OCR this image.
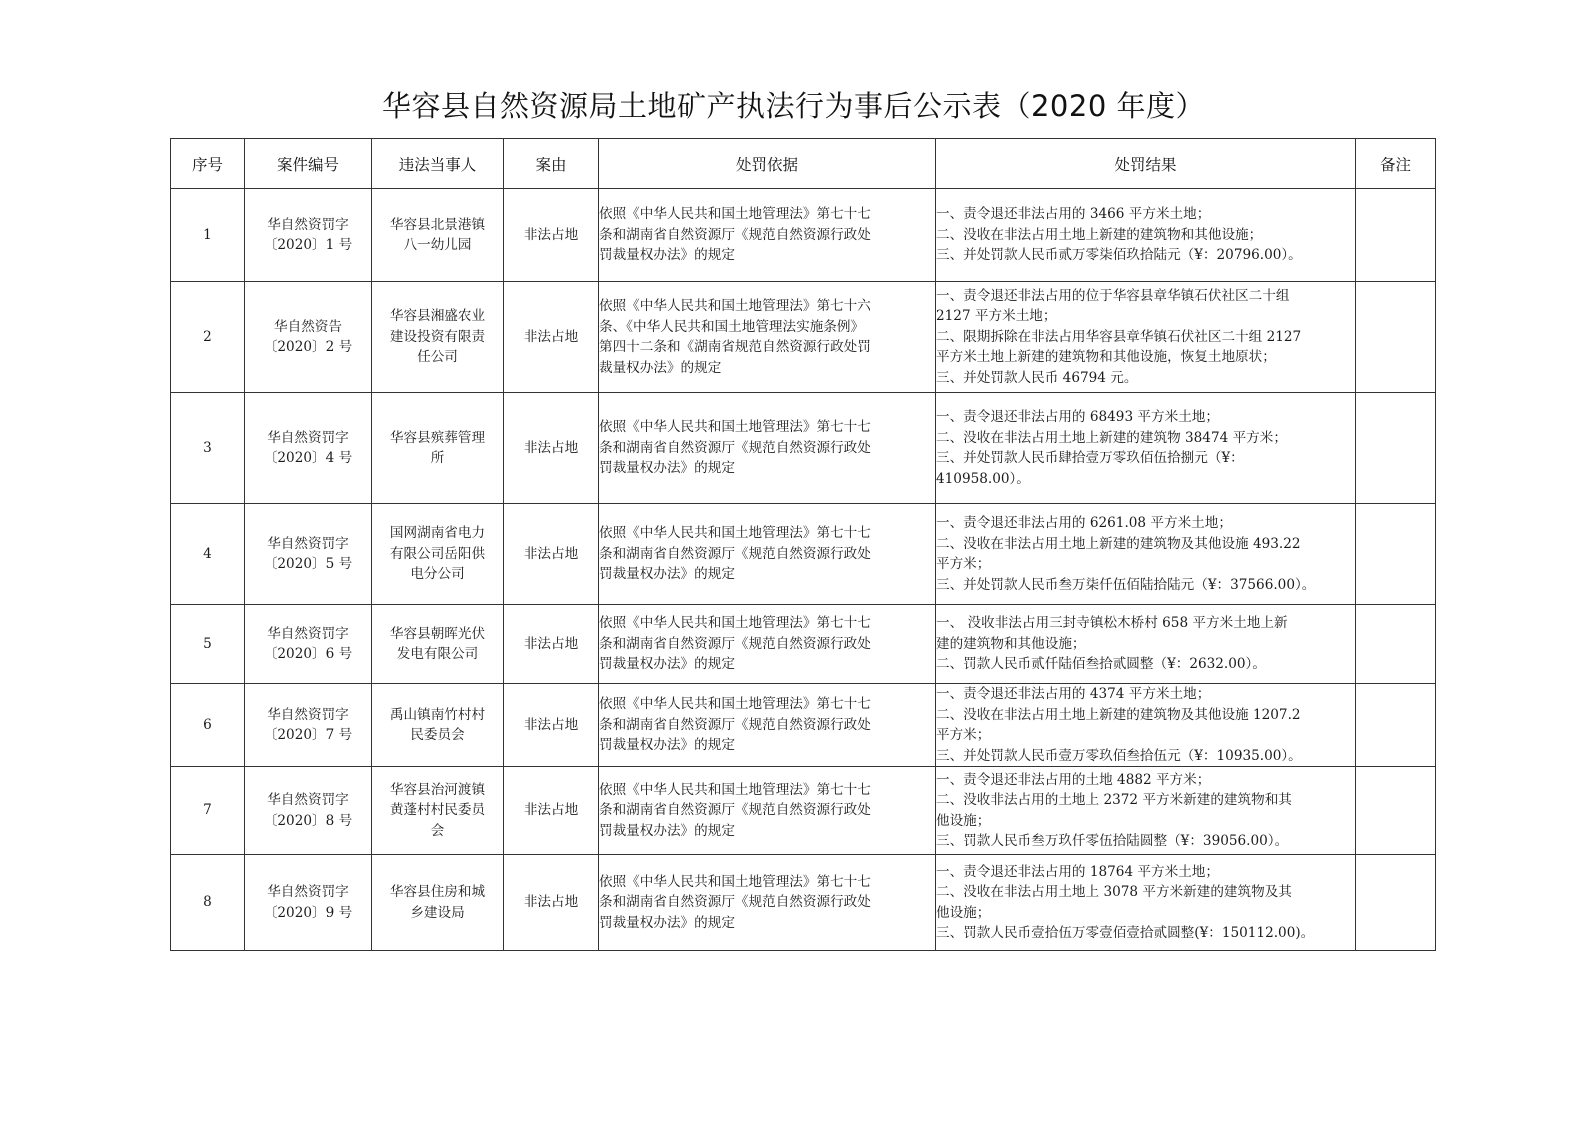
华容县自然资源局土地矿产执法行为事后公示表（2020 年度）
序号	案件编号	违法当事人	案由	处罚依据	处罚结果	备注
1	华自然资罚字
〔2020〕1 号	华容县北景港镇
八一幼儿园	非法占地	依照《中华人民共和国土地管理法》第七十七
条和湖南省自然资源厅《规范自然资源行政处
罚裁量权办法》的规定	一、责令退还非法占用的 3466 平方米土地；
二、没收在非法占用土地上新建的建筑物和其他设施；
三、并处罚款人民币贰万零柒佰玖拾陆元（¥：20796.00）。	

2	华自然资告
〔2020〕2 号	华容县湘盛农业
建设投资有限责
任公司	非法占地	依照《中华人民共和国土地管理法》第七十六
条、《中华人民共和国土地管理法实施条例》
第四十二条和《湖南省规范自然资源行政处罚
裁量权办法》的规定	一、责令退还非法占用的位于华容县章华镇石伏社区二十组
2127 平方米土地；
二、限期拆除在非法占用华容县章华镇石伏社区二十组 2127
平方米土地上新建的建筑物和其他设施，恢复土地原状；
三、并处罚款人民币 46794 元。	

3	华自然资罚字
〔2020〕4 号	华容县殡葬管理
所	非法占地	依照《中华人民共和国土地管理法》第七十七
条和湖南省自然资源厅《规范自然资源行政处
罚裁量权办法》的规定	一、责令退还非法占用的 68493 平方米土地；
二、没收在非法占用土地上新建的建筑物 38474 平方米；
三、并处罚款人民币肆拾壹万零玖佰伍拾捌元（¥：
410958.00）。	

4	华自然资罚字
〔2020〕5 号	国网湖南省电力
有限公司岳阳供
电分公司	非法占地	依照《中华人民共和国土地管理法》第七十七
条和湖南省自然资源厅《规范自然资源行政处
罚裁量权办法》的规定	一、责令退还非法占用的 6261.08 平方米土地；
二、没收在非法占用土地上新建的建筑物及其他设施 493.22
平方米；
三、并处罚款人民币叁万柒仟伍佰陆拾陆元（¥：37566.00）。	

5	华自然资罚字
〔2020〕6 号	华容县朝晖光伏
发电有限公司	非法占地	依照《中华人民共和国土地管理法》第七十七
条和湖南省自然资源厅《规范自然资源行政处
罚裁量权办法》的规定	一、 没收非法占用三封寺镇松木桥村 658 平方米土地上新
建的建筑物和其他设施；
二、罚款人民币贰仟陆佰叁拾贰圆整（¥：2632.00）。	

6	华自然资罚字
〔2020〕7 号	禹山镇南竹村村
民委员会	非法占地	依照《中华人民共和国土地管理法》第七十七
条和湖南省自然资源厅《规范自然资源行政处
罚裁量权办法》的规定	一、责令退还非法占用的 4374 平方米土地；
二、没收在非法占用土地上新建的建筑物及其他设施 1207.2
平方米；
三、并处罚款人民币壹万零玖佰叁拾伍元（¥：10935.00）。	

7	华自然资罚字
〔2020〕8 号	华容县治河渡镇
黄蓬村村民委员
会	非法占地	依照《中华人民共和国土地管理法》第七十七
条和湖南省自然资源厅《规范自然资源行政处
罚裁量权办法》的规定	一、责令退还非法占用的土地 4882 平方米；
二、没收非法占用的土地上 2372 平方米新建的建筑物和其
他设施；
三、罚款人民币叁万玖仟零伍拾陆圆整（¥：39056.00）。	

8	华自然资罚字
〔2020〕9 号	华容县住房和城
乡建设局	非法占地	依照《中华人民共和国土地管理法》第七十七
条和湖南省自然资源厅《规范自然资源行政处
罚裁量权办法》的规定	一、责令退还非法占用的 18764 平方米土地；
二、没收在非法占用土地上 3078 平方米新建的建筑物及其
他设施；
三、罚款人民币壹拾伍万零壹佰壹拾贰圆整(¥：150112.00)。	
